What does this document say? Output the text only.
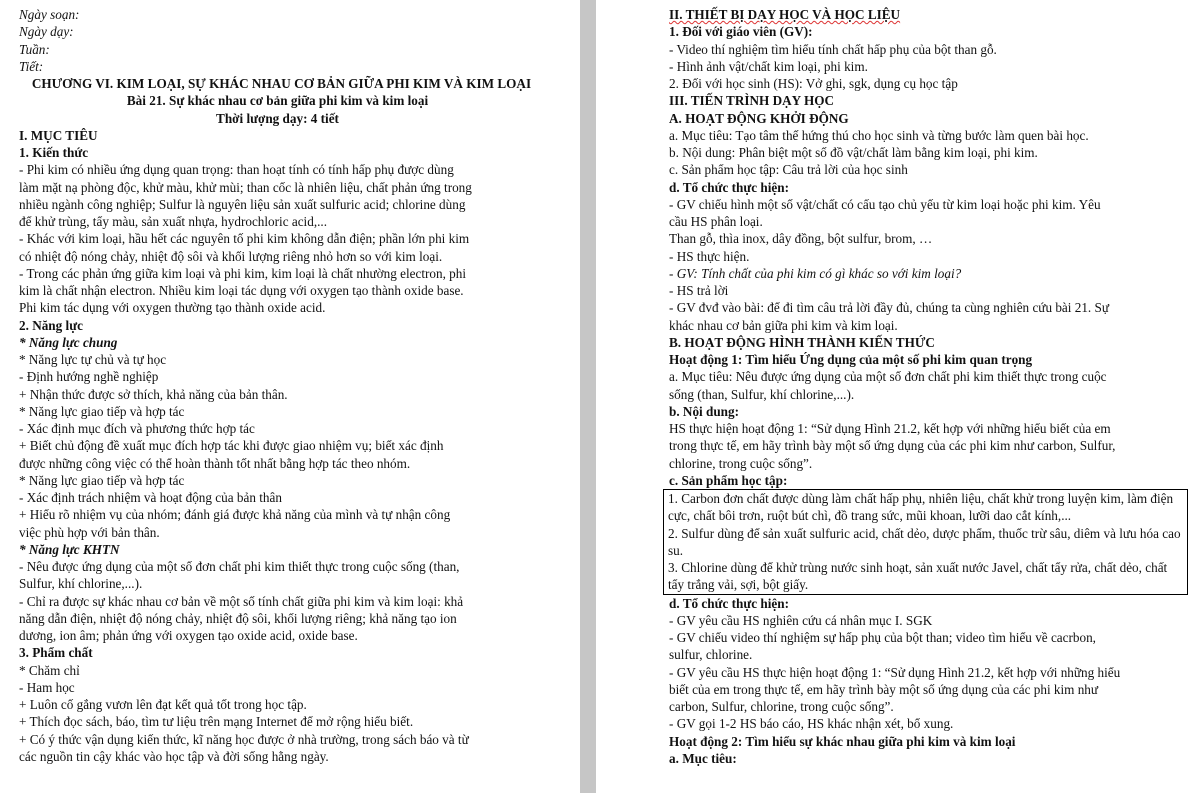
Ngày soạn:
Ngày dạy:
Tuần:
Tiết:
CHƯƠNG VI. KIM LOẠI, SỰ KHÁC NHAU CƠ BẢN GIỮA PHI KIM VÀ KIM LOẠI
Bài 21. Sự khác nhau cơ bản giữa phi kim và kim loại
Thời lượng dạy: 4 tiết
I. MỤC TIÊU
1. Kiến thức
- Phi kim có nhiều ứng dụng quan trọng: than hoạt tính có tính hấp phụ được dùng
làm mặt nạ phòng độc, khử màu, khử mùi; than cốc là nhiên liệu, chất phản ứng trong
nhiều ngành công nghiệp; Sulfur là nguyên liệu sản xuất sulfuric acid; chlorine dùng
để khử trùng, tẩy màu, sản xuất nhựa, hydrochloric acid,...
- Khác với kim loại, hầu hết các nguyên tố phi kim không dẫn điện; phần lớn phi kim
có nhiệt độ nóng chảy, nhiệt độ sôi và khối lượng riêng nhỏ hơn so với kim loại.
- Trong các phản ứng giữa kim loại và phi kim, kim loại là chất nhường electron, phi
kim là chất nhận electron. Nhiều kim loại tác dụng với oxygen tạo thành oxide base.
Phi kim tác dụng với oxygen thường tạo thành oxide acid.
2. Năng lực
* Năng lực chung
* Năng lực tự chủ và tự học
- Định hướng nghề nghiệp
+ Nhận thức được sở thích, khả năng của bản thân.
* Năng lực giao tiếp và hợp tác
- Xác định mục đích và phương thức hợp tác
+ Biết chủ động đề xuất mục đích hợp tác khi được giao nhiệm vụ; biết xác định
được những công việc có thể hoàn thành tốt nhất bằng hợp tác theo nhóm.
* Năng lực giao tiếp và hợp tác
- Xác định trách nhiệm và hoạt động của bản thân
+ Hiểu rõ nhiệm vụ của nhóm; đánh giá được khả năng của mình và tự nhận công
việc phù hợp với bản thân.
* Năng lực KHTN
- Nêu được ứng dụng của một số đơn chất phi kim thiết thực trong cuộc sống (than,
Sulfur, khí chlorine,...).
- Chỉ ra được sự khác nhau cơ bản về một số tính chất giữa phi kim và kim loại: khả
năng dẫn điện, nhiệt độ nóng chảy, nhiệt độ sôi, khối lượng riêng; khả năng tạo ion
dương, ion âm; phản ứng với oxygen tạo oxide acid, oxide base.
3. Phẩm chất
* Chăm chỉ
- Ham học
+ Luôn cố gắng vươn lên đạt kết quả tốt trong học tập.
+ Thích đọc sách, báo, tìm tư liệu trên mạng Internet để mở rộng hiểu biết.
+ Có ý thức vận dụng kiến thức, kĩ năng học được ở nhà trường, trong sách báo và từ
các nguồn tin cậy khác vào học tập và đời sống hằng ngày.
II. THIẾT BỊ DẠY HỌC VÀ HỌC LIỆU
1. Đối với giáo viên (GV):
- Video thí nghiệm tìm hiểu tính chất hấp phụ của bột than gỗ.
- Hình ảnh vật/chất kim loại, phi kim.
2. Đối với học sinh (HS): Vở ghi, sgk, dụng cụ học tập
III. TIẾN TRÌNH DẠY HỌC
A. HOẠT ĐỘNG KHỞI ĐỘNG
a. Mục tiêu: Tạo tâm thế hứng thú cho học sinh và từng bước làm quen bài học.
b. Nội dung: Phân biệt một số đồ vật/chất làm bằng kim loại, phi kim.
c. Sản phẩm học tập: Câu trả lời của học sinh
d. Tổ chức thực hiện:
- GV chiếu hình một số vật/chất có cấu tạo chủ yếu từ kim loại hoặc phi kim. Yêu
cầu HS phân loại.
Than gỗ, thìa inox, dây đồng, bột sulfur, brom, …
- HS thực hiện.
- GV: Tính chất của phi kim có gì khác so với kim loại?
- HS trả lời
- GV đvđ vào bài: để đi tìm câu trả lời đầy đủ, chúng ta cùng nghiên cứu bài 21. Sự
khác nhau cơ bản giữa phi kim và kim loại.
B. HOẠT ĐỘNG HÌNH THÀNH KIẾN THỨC
Hoạt động 1: Tìm hiểu Ứng dụng của một số phi kim quan trọng
a. Mục tiêu: Nêu được ứng dụng của một số đơn chất phi kim thiết thực trong cuộc
sống (than, Sulfur, khí chlorine,...).
b. Nội dung:
HS thực hiện hoạt động 1: “Sử dụng Hình 21.2, kết hợp với những hiểu biết của em
trong thực tế, em hãy trình bày một số ứng dụng của các phi kim như carbon, Sulfur,
chlorine, trong cuộc sống”.
c. Sản phẩm học tập:
1. Carbon đơn chất được dùng làm chất hấp phụ, nhiên liệu, chất khử trong luyện kim, làm điện cực, chất bôi trơn, ruột bút chì, đồ trang sức, mũi khoan, lưỡi dao cắt kính,...
2. Sulfur dùng để sản xuất sulfuric acid, chất dẻo, dược phẩm, thuốc trừ sâu, diêm và lưu hóa cao su.
3. Chlorine dùng để khử trùng nước sinh hoạt, sản xuất nước Javel, chất tẩy rửa, chất dẻo, chất tẩy trắng vải, sợi, bột giấy.
d. Tổ chức thực hiện:
- GV yêu cầu HS nghiên cứu cá nhân mục I. SGK
- GV chiếu video thí nghiệm sự hấp phụ của bột than; video tìm hiểu về cacrbon,
sulfur, chlorine.
- GV yêu cầu HS thực hiện hoạt động 1: “Sử dụng Hình 21.2, kết hợp với những hiểu
biết của em trong thực tế, em hãy trình bày một số ứng dụng của các phi kim như
carbon, Sulfur, chlorine, trong cuộc sống”.
- GV gọi 1-2 HS báo cáo, HS khác nhận xét, bổ xung.
Hoạt động 2: Tìm hiểu sự khác nhau giữa phi kim và kim loại
a. Mục tiêu:
